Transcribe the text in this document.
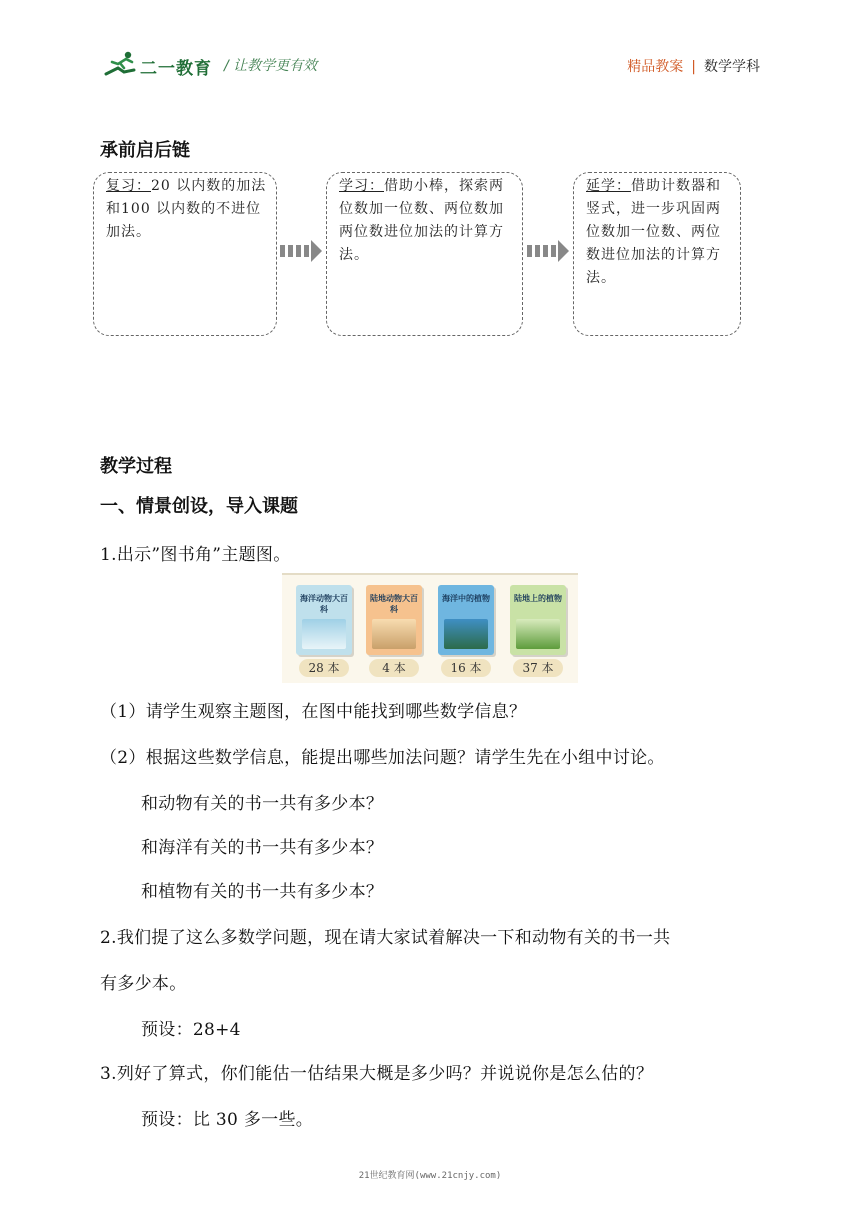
二一教育 / 让教学更有效	精品教案 | 数学学科
承前启后链
复习：20 以内数的加法和100 以内数的不进位加法。
学习：借助小棒，探索两位数加一位数、两位数加两位数进位加法的计算方法。
延学：借助计数器和竖式，进一步巩固两位数加一位数、两位数进位加法的计算方法。
教学过程
一、情景创设，导入课题
1.出示”图书角”主题图。
海洋动物大百科
28 本
陆地动物大百科
4 本
海洋中的植物
16 本
陆地上的植物
37 本
（1）请学生观察主题图，在图中能找到哪些数学信息？
（2）根据这些数学信息，能提出哪些加法问题？请学生先在小组中讨论。
和动物有关的书一共有多少本？
和海洋有关的书一共有多少本？
和植物有关的书一共有多少本？
2.我们提了这么多数学问题，现在请大家试着解决一下和动物有关的书一共
有多少本。
预设：28+4
3.列好了算式，你们能估一估结果大概是多少吗？并说说你是怎么估的？
预设：比 30 多一些。
21世纪教育网(www.21cnjy.com)
